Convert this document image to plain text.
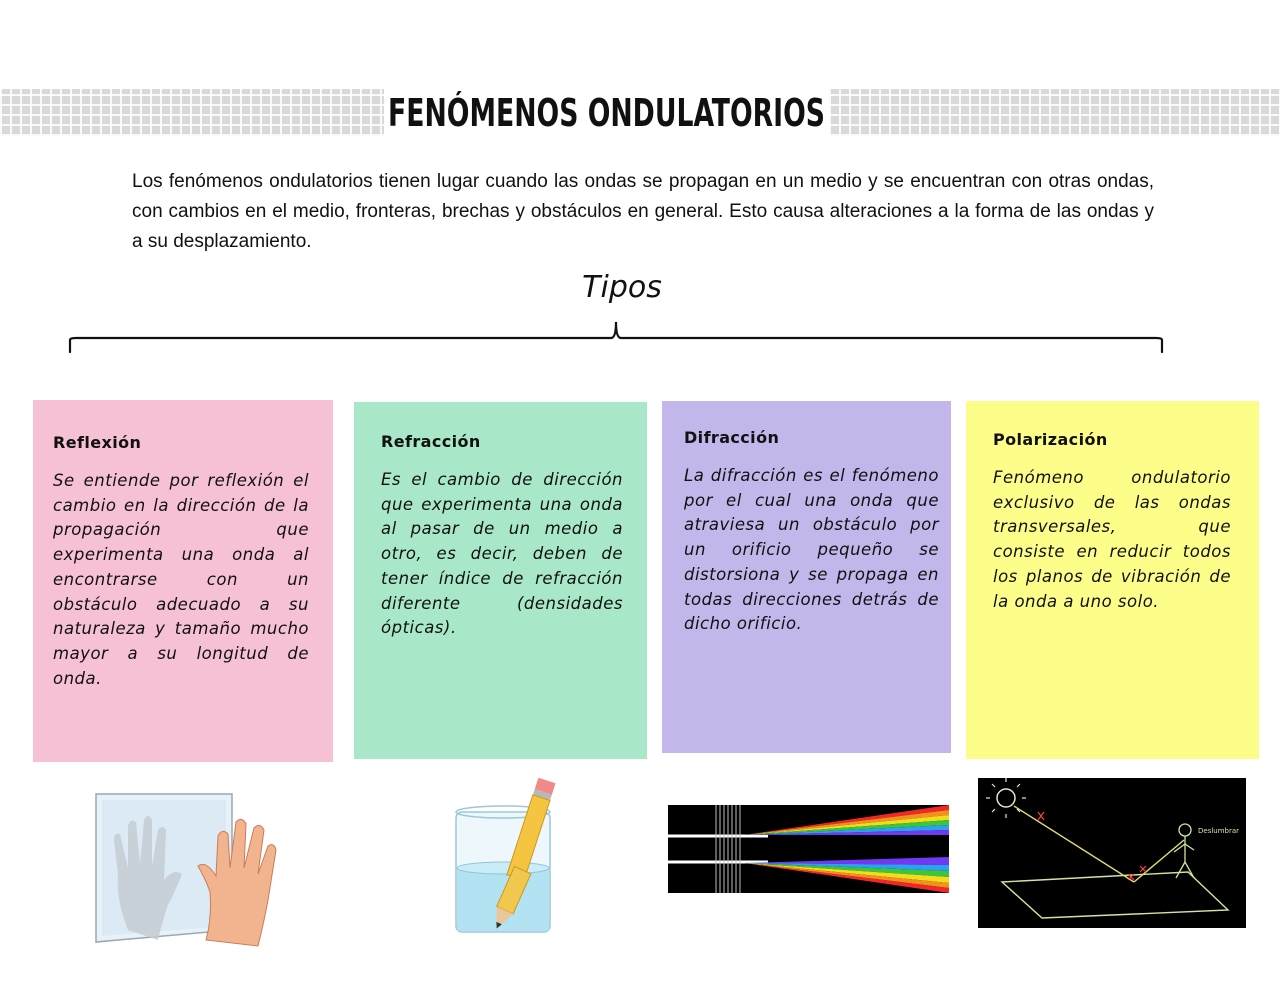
FENÓMENOS ONDULATORIOS

Los fenómenos ondulatorios tienen lugar cuando las ondas se propagan en un medio y se encuentran con otras ondas, con cambios en el medio, fronteras, brechas y obstáculos en general. Esto causa alteraciones a la forma de las ondas y a su desplazamiento.

Tipos
Reflexión

Se entiende por reflexión el cambio en la dirección de la propagación que experimenta una onda al encontrarse con un obstáculo adecuado a su naturaleza y tamaño mucho mayor a su longitud de onda.

Refracción

Es el cambio de dirección que experimenta una onda al pasar de un medio a otro, es decir, deben de tener índice de refracción diferente (densidades ópticas).

Difracción

La difracción es el fenómeno por el cual una onda que atraviesa un obstáculo por un orificio pequeño se distorsiona y se propaga en todas direcciones detrás de dicho orificio.

Polarización

Fenómeno ondulatorio exclusivo de las ondas transversales, que consiste en reducir todos los planos de vibración de la onda a uno solo.

Deslumbrar
